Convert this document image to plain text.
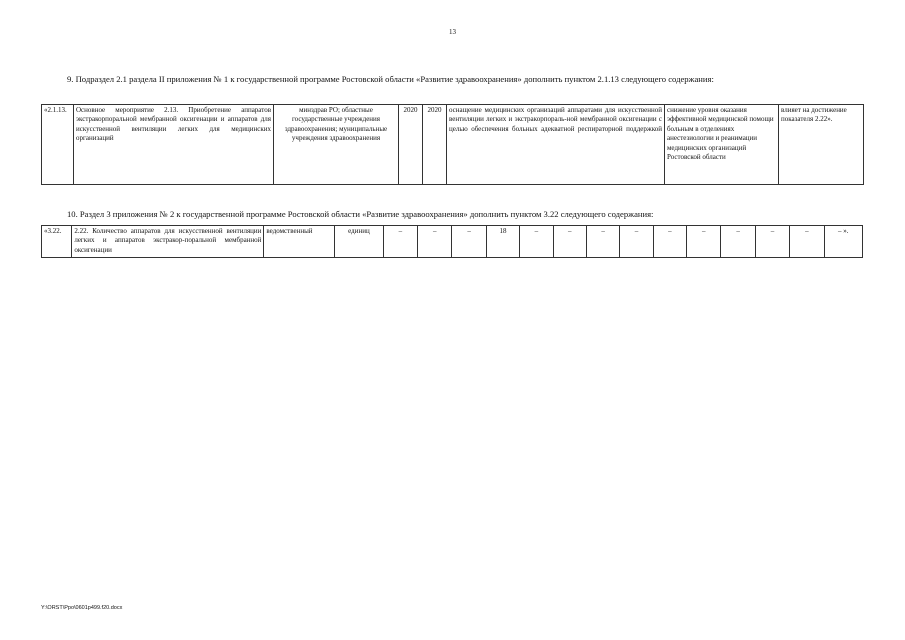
13

9. Подраздел 2.1 раздела II приложения № 1 к государственной программе Ростовской области «Развитие здравоохранения» дополнить пунктом 2.1.13 следующего содержания:

«2.1.13.	Основное мероприятие 2.13. Приобретение аппаратов экстракорпоральной мембранной оксигенации и аппаратов для искусственной вентиляции легких для медицинских организаций	минздрав РО; областные государственные учреждения здравоохранения; муниципальные учреждения здравоохранения	2020	2020	оснащение медицинских организаций аппаратами для искусственной вентиляции легких и экстракорпораль-ной мембранной оксигенации с целью обеспечения больных адекватной респираторной поддержкой	снижение уровня оказания эффективной медицинской помощи больным в отделениях анестезиологии и реанимации медицинских организаций Ростовской области	влияет на достижение показателя 2.22».

10. Раздел 3 приложения № 2 к государственной программе Ростовской области «Развитие здравоохранения» дополнить пунктом 3.22 следующего содержания:

«3.22.	2.22. Количество аппаратов для искусственной вентиляции легких и аппаратов экстракор-поральной мембранной оксигенации	ведомственный	единиц	–	–	–	18	–	–	–	–	–	–	–	–	–	– ».
Y:\ORST\Ppo\0601p499.f20.docx
